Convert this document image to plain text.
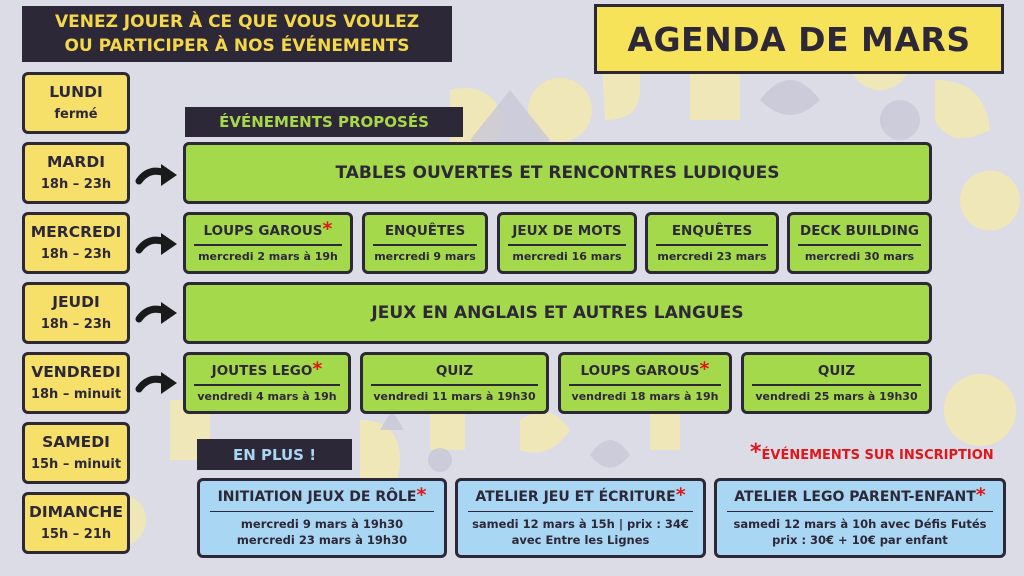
VENEZ JOUER À CE QUE VOUS VOULEZ
OU PARTICIPER À NOS ÉVÉNEMENTS	AGENDA DE MARS
LUNDI
fermé
MARDI
18h – 23h
MERCREDI
18h – 23h
JEUDI
18h – 23h
VENDREDI
18h – minuit
SAMEDI
15h – minuit
DIMANCHE
15h – 21h
ÉVÉNEMENTS PROPOSÉS
TABLES OUVERTES ET RENCONTRES LUDIQUES
LOUPS GAROUS*
mercredi 2 mars à 19h
ENQUÊTES
mercredi 9 mars
JEUX DE MOTS
mercredi 16 mars
ENQUÊTES
mercredi 23 mars
DECK BUILDING
mercredi 30 mars
JEUX EN ANGLAIS ET AUTRES LANGUES
JOUTES LEGO*
vendredi 4 mars à 19h
QUIZ
vendredi 11 mars à 19h30
LOUPS GAROUS*
vendredi 18 mars à 19h
QUIZ
vendredi 25 mars à 19h30
EN PLUS !	*ÉVÉNEMENTS SUR INSCRIPTION
INITIATION JEUX DE RÔLE*
mercredi 9 mars à 19h30
mercredi 23 mars à 19h30
ATELIER JEU ET ÉCRITURE*
samedi 12 mars à 15h | prix : 34€
avec Entre les Lignes
ATELIER LEGO PARENT-ENFANT*
samedi 12 mars à 10h avec Défis Futés
prix : 30€ + 10€ par enfant
